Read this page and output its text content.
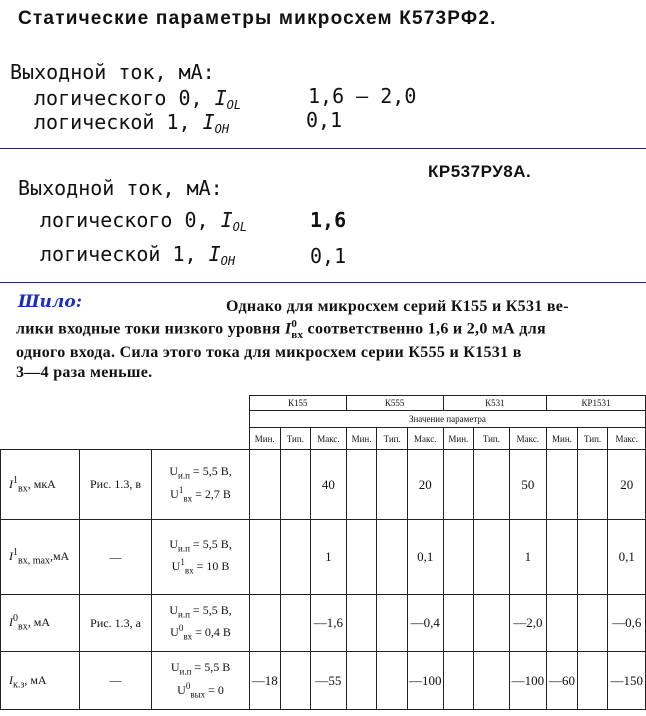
Статические параметры микросхем К573РФ2.
Выходной ток, мА:
логического 0, $I_{OL}$	1,6 — 2,0
логической 1, $I_{OH}$	0,1
КР537РУ8А.
Выходной ток, мА:
логического 0, $I_{OL}$	1,6
логической 1, $I_{OH}$	0,1
Шило:	Однако для микросхем серий К155 и К531 ве-
лики входные токи низкого уровня $I^0_{вх}$ соответственно 1,6 и 2,0 мА для
одного входа. Сила этого тока для микросхем серии К555 и К1531 в
3—4 раза меньше.
			К155			К555			К531			КР1531		
			Значение параметра											
			Мин.	Тип.	Макс.	Мин.	Тип.	Макс.	Мин.	Тип.	Макс.	Мин.	Тип.	Макс.
$I^1_{вх}$, мкА	Рис. 1.3, в	$U_{и.п} = 5,5$ В,
$U^1_{вх} = 2,7$ В			40			20			50			20
$I^1_{вх, max},мА$	—	$U_{и.п} = 5,5$ В,
$U^1_{вх} = 10$ В			1			0,1			1			0,1
$I^0_{вх}$, мА	Рис. 1.3, а	$U_{и.п} = 5,5$ В,
$U^0_{вх} = 0,4$ В			—1,6			—0,4			—2,0			—0,6
$I_{к.з}$, мА	—	$U_{и.п} = 5,5$ В
$U^0_{вых} = 0$	—18		—55			—100			—100	—60		—150
